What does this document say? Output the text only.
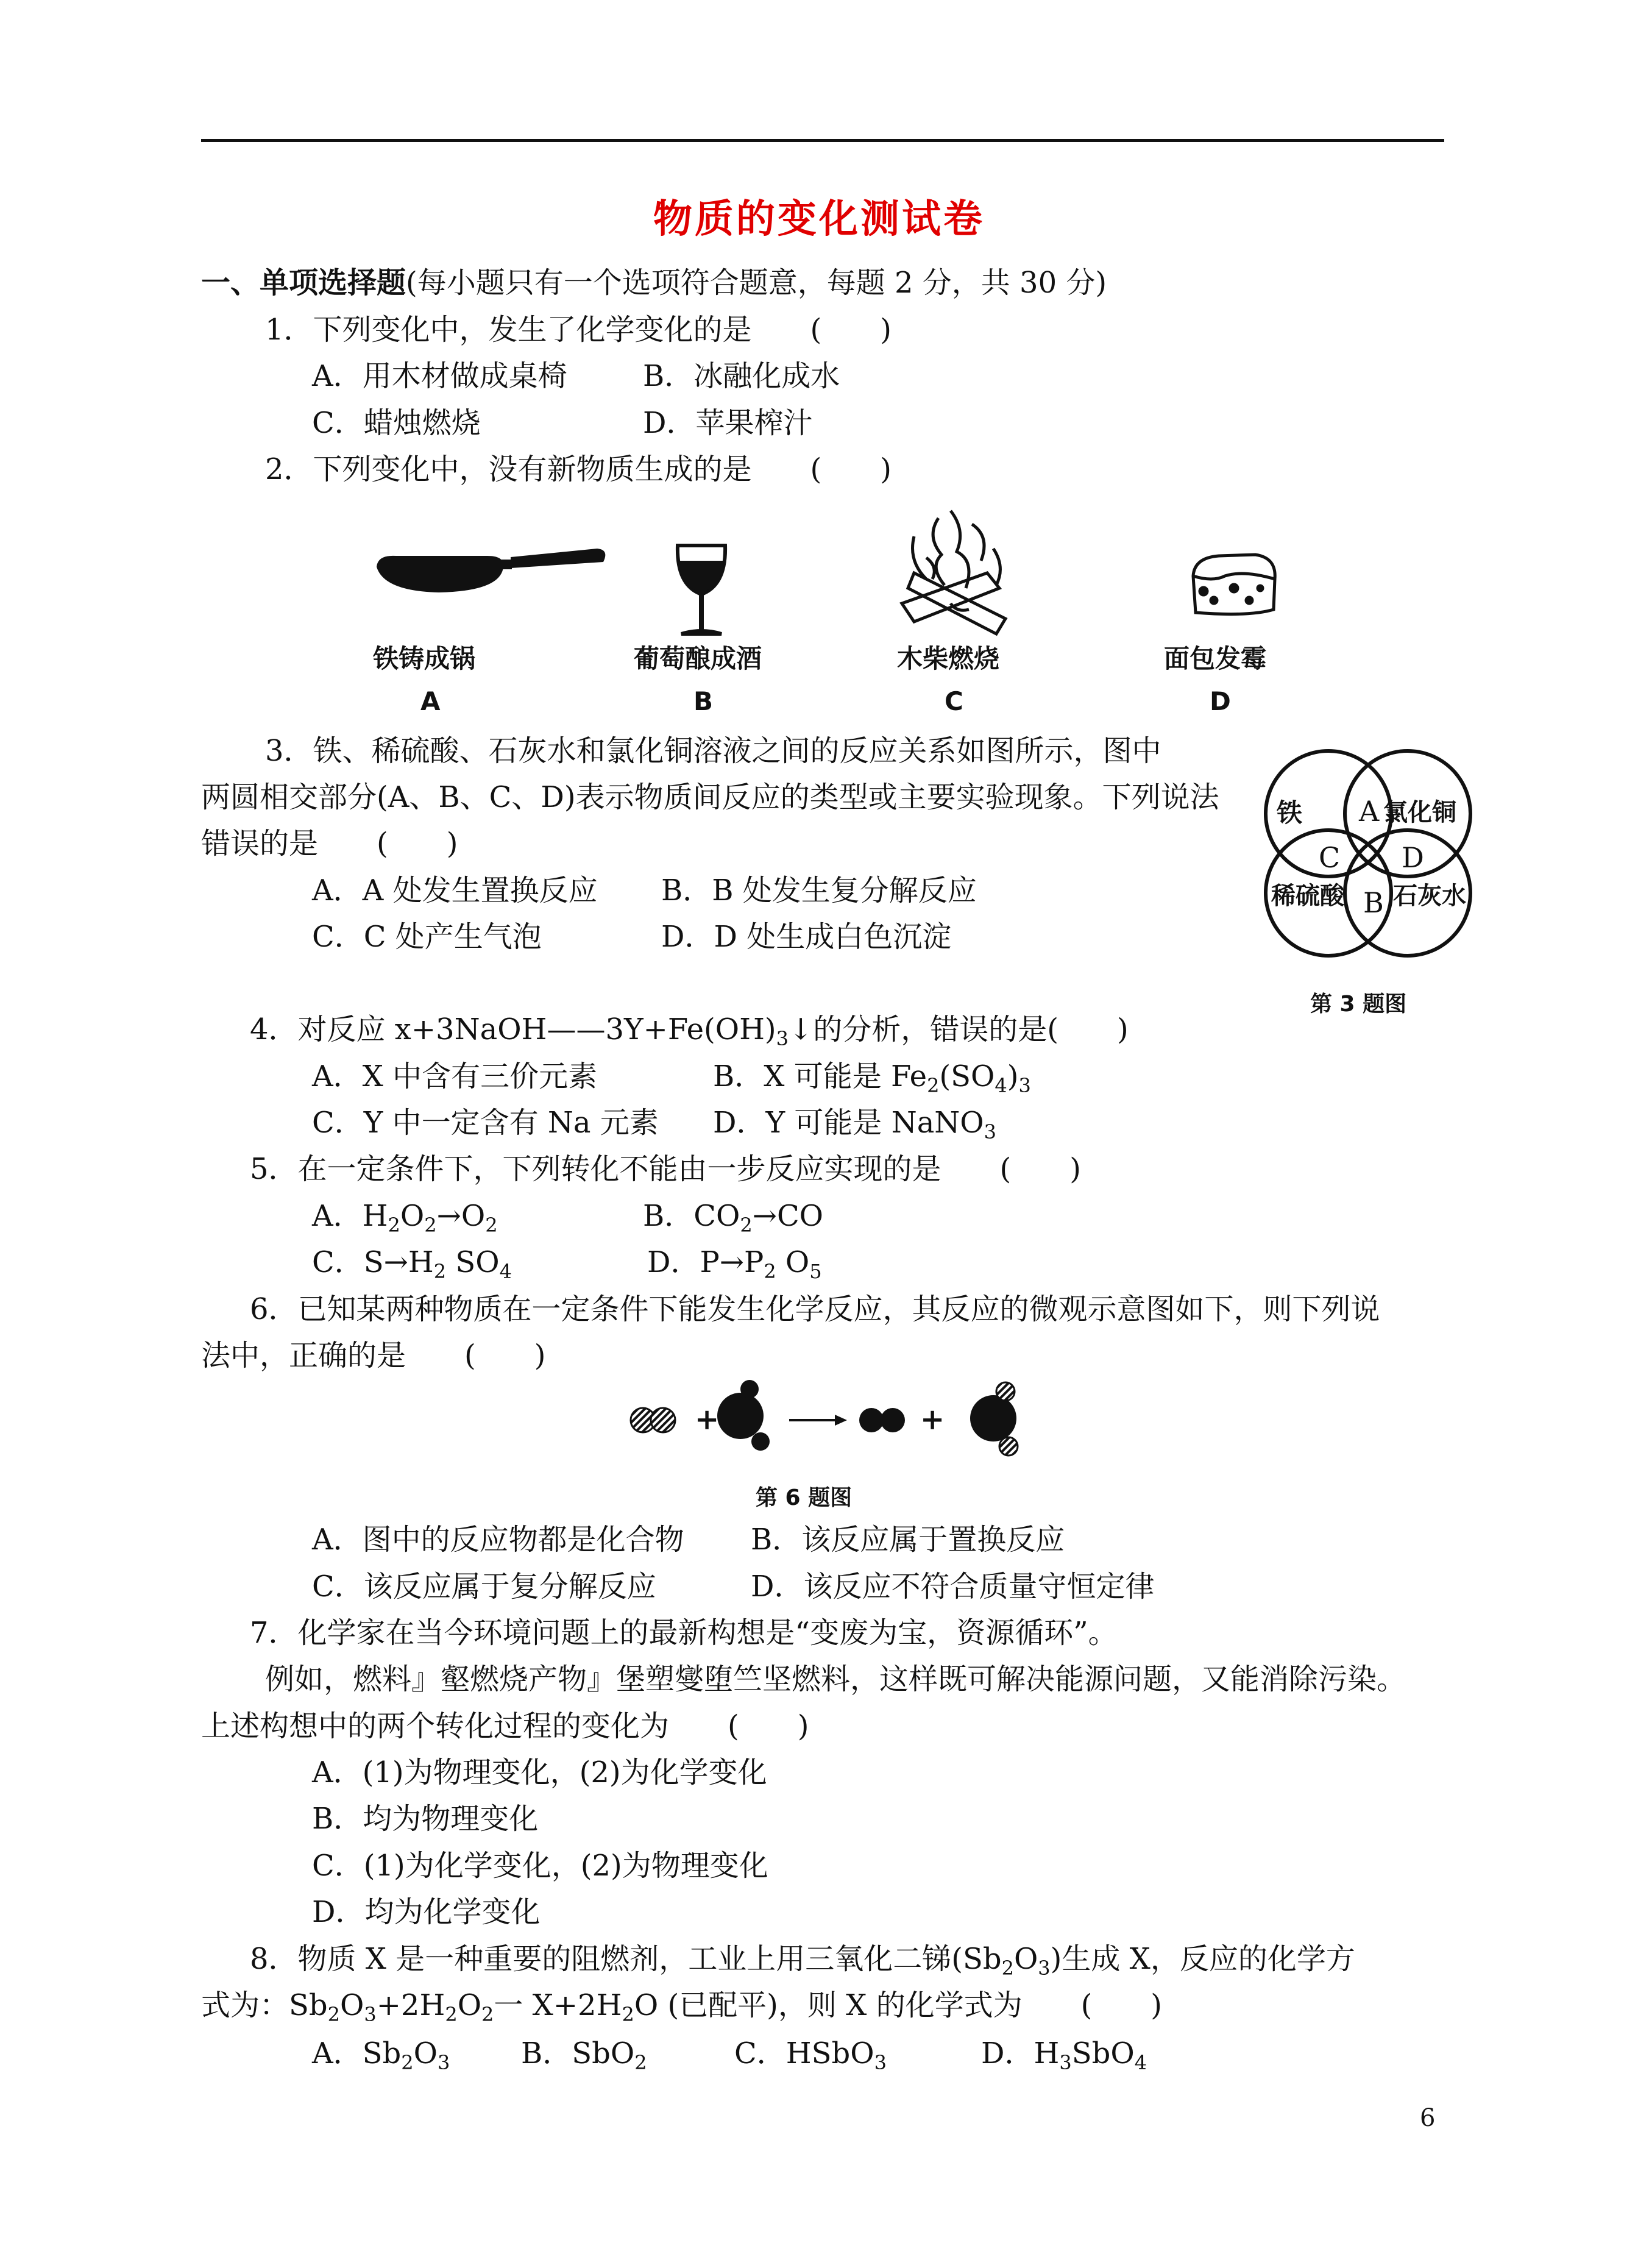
物质的变化测试卷
一、单项选择题(每小题只有一个选项符合题意，每题 2 分，共 30 分)
1．下列变化中，发生了化学变化的是　　(　　)
A．用木材做成桌椅	B．冰融化成水
C．蜡烛燃烧	D．苹果榨汁
2．下列变化中，没有新物质生成的是　　(　　)
铁铸成锅
A
葡萄酿成酒
B
木柴燃烧
C
面包发霉
D
3．铁、稀硫酸、石灰水和氯化铜溶液之间的反应关系如图所示，图中
两圆相交部分(A、B、C、D)表示物质间反应的类型或主要实验现象。下列说法
错误的是　　(　　)
A．A 处发生置换反应 B．B 处发生复分解反应
C．C 处产生气泡	D．D 处生成白色沉淀
铁	氯化铜
稀硫酸 石灰水
A
B
C D
第 3 题图
4．对反应 $x+3NaOH——3Y+Fe(OH)_3↓$的分析，错误的是(　　)
A．X 中含有三价元素	B．X 可能是 $Fe_2(SO_4)_3$
C．Y 中一定含有 Na 元素 D．Y 可能是 NaNO$_3$
5．在一定条件下，下列转化不能由一步反应实现的是　　(　　)
A．$H_2O_2\to O_2$	B．$CO_2\to CO$
C．$S\to H_2$ $SO_4$	D．$P\to P_2$ $O_5$
6．已知某两种物质在一定条件下能发生化学反应，其反应的微观示意图如下，则下列说
法中，正确的是　　(　　)
+	+
第 6 题图
A．图中的反应物都是化合物 B．该反应属于置换反应
C．该反应属于复分解反应	D．该反应不符合质量守恒定律
7．化学家在当今环境问题上的最新构想是“变废为宝，资源循环”。
例如，燃料』壑燃烧产物』堡塑燮堕竺坚燃料，这样既可解决能源问题，又能消除污染。
上述构想中的两个转化过程的变化为　　(　　)
A．(1)为物理变化，(2)为化学变化
B．均为物理变化
C．(1)为化学变化，(2)为物理变化
D．均为化学变化
8．物质 X 是一种重要的阻燃剂，工业上用三氧化二锑$(Sb_2O_3)$生成 X，反应的化学方
式为：$Sb_2O_3+2H_2O_2$一 $X+2H_2O$ (已配平)，则 X 的化学式为　　(　　)
A．$Sb_2O_3$ B．SbO$_2$	C．HSbO$_3$	D．$H_3SbO_4$
6
